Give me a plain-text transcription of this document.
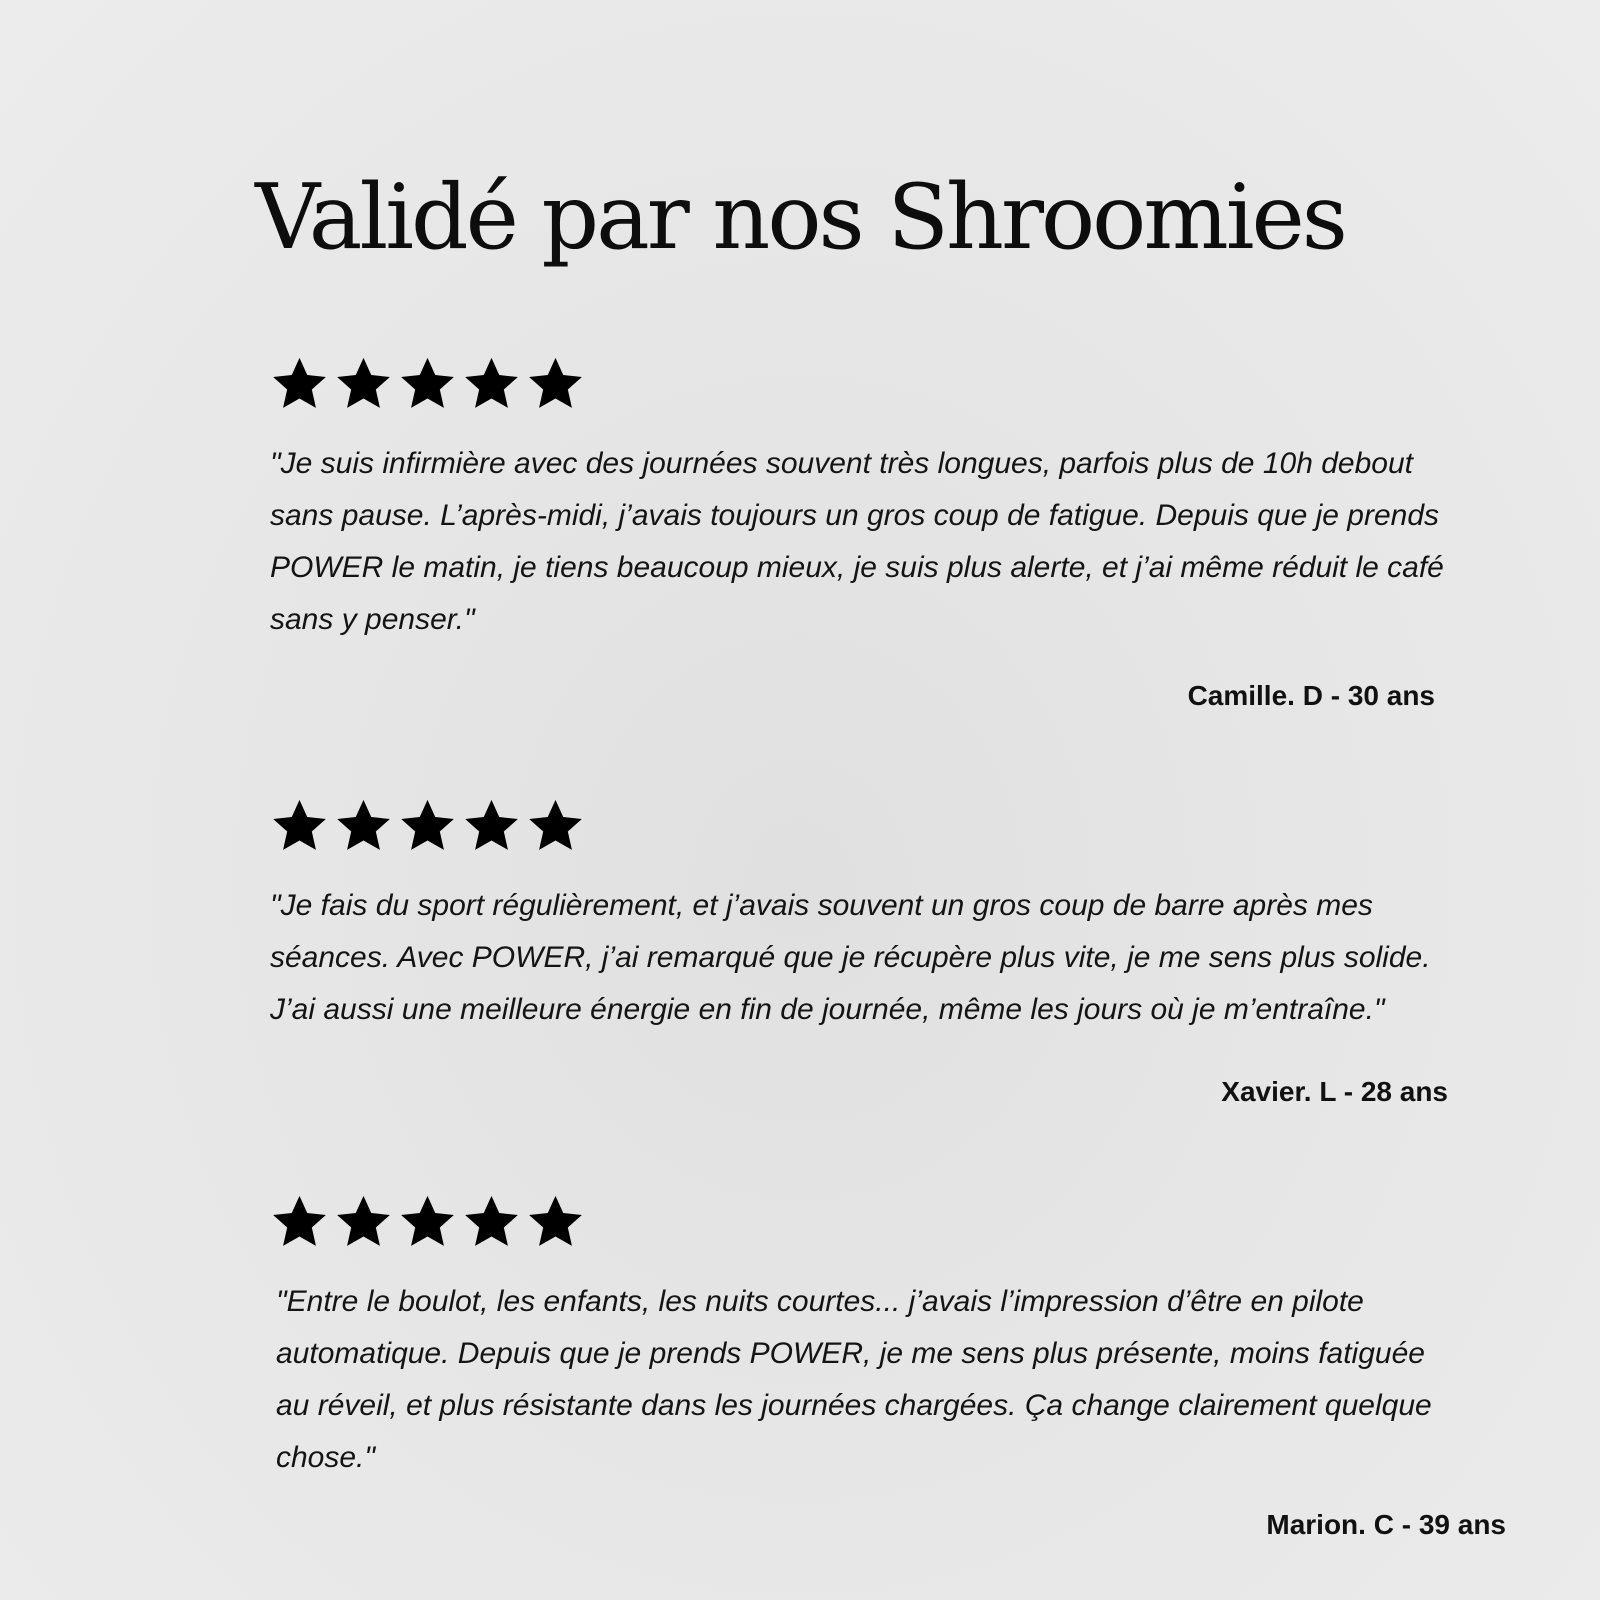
Validé par nos Shroomies

"Je suis infirmière avec des journées souvent très longues, parfois plus de 10h debout sans pause. L’après-midi, j’avais toujours un gros coup de fatigue. Depuis que je prends POWER le matin, je tiens beaucoup mieux, je suis plus alerte, et j’ai même réduit le café sans y penser."

Camille. D - 30 ans

"Je fais du sport régulièrement, et j’avais souvent un gros coup de barre après mes séances. Avec POWER, j’ai remarqué que je récupère plus vite, je me sens plus solide. J’ai aussi une meilleure énergie en fin de journée, même les jours où je m’entraîne."

Xavier. L - 28 ans

"Entre le boulot, les enfants, les nuits courtes... j’avais l’impression d’être en pilote automatique. Depuis que je prends POWER, je me sens plus présente, moins fatiguée au réveil, et plus résistante dans les journées chargées. Ça change clairement quelque chose."

Marion. C - 39 ans
